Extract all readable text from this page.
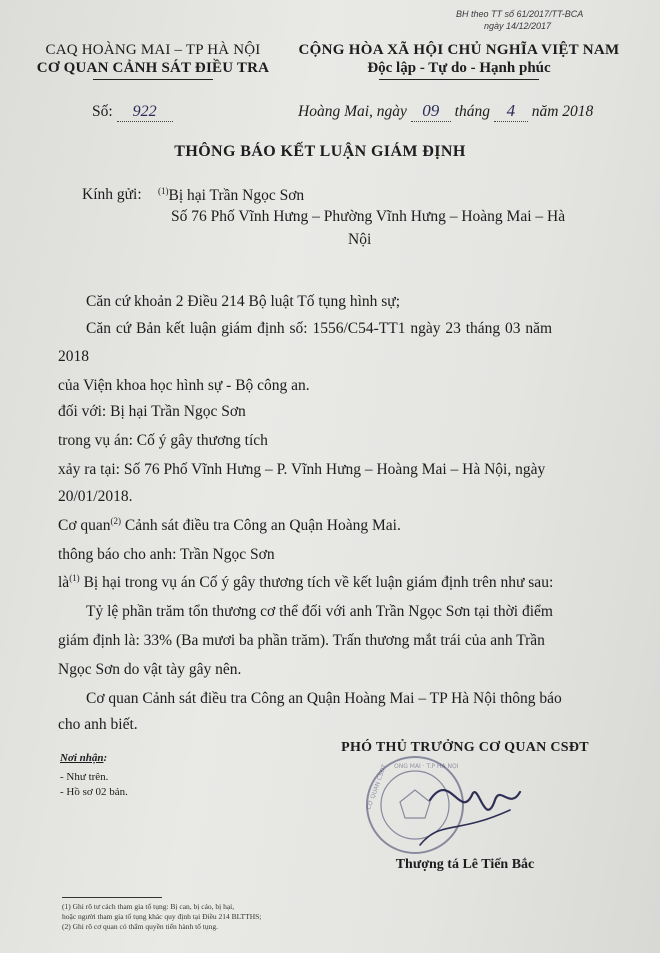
BH theo TT số 61/2017/TT-BCA
ngày 14/12/2017
CAQ HOÀNG MAI – TP HÀ NỘI
CƠ QUAN CẢNH SÁT ĐIỀU TRA
CỘNG HÒA XÃ HỘI CHỦ NGHĨA VIỆT NAM
Độc lập - Tự do - Hạnh phúc
Số: 922	Hoàng Mai, ngày 09 tháng 4 năm 2018
THÔNG BÁO KẾT LUẬN GIÁM ĐỊNH
Kính gửi: $^{(1)}$Bị hại Trần Ngọc Sơn
Số 76 Phố Vĩnh Hưng – Phường Vĩnh Hưng – Hoàng Mai – Hà
Nội
Căn cứ khoản 2 Điều 214 Bộ luật Tố tụng hình sự;
Căn cứ Bản kết luận giám định số: 1556/C54-TT1 ngày 23 tháng 03 năm
2018
của Viện khoa học hình sự - Bộ công an.
đối với: Bị hại Trần Ngọc Sơn
trong vụ án: Cố ý gây thương tích
xảy ra tại: Số 76 Phố Vĩnh Hưng – P. Vĩnh Hưng – Hoàng Mai – Hà Nội, ngày
20/01/2018.
Cơ quan$^{(2)}$ Cảnh sát điều tra Công an Quận Hoàng Mai.
thông báo cho anh: Trần Ngọc Sơn
$là^{(1)}$ Bị hại trong vụ án Cố ý gây thương tích về kết luận giám định trên như sau:
Tỷ lệ phần trăm tổn thương cơ thể đối với anh Trần Ngọc Sơn tại thời điểm
giám định là: 33% (Ba mươi ba phần trăm). Trấn thương mắt trái của anh Trần
Ngọc Sơn do vật tày gây nên.
Cơ quan Cảnh sát điều tra Công an Quận Hoàng Mai – TP Hà Nội thông báo
cho anh biết.
Nơi nhận:
- Như trên.
- Hồ sơ 02 bản.
PHÓ THỦ TRƯỞNG CƠ QUAN CSĐT
ÔNG MAI · T.P HÀ NỘI
CƠ QUAN CSĐT
Thượng tá Lê Tiến Bắc
(1) Ghi rõ tư cách tham gia tố tụng: Bị can, bị cáo, bị hại,
hoặc người tham gia tố tụng khác quy định tại Điều 214 BLTTHS;
(2) Ghi rõ cơ quan có thẩm quyền tiến hành tố tụng.
